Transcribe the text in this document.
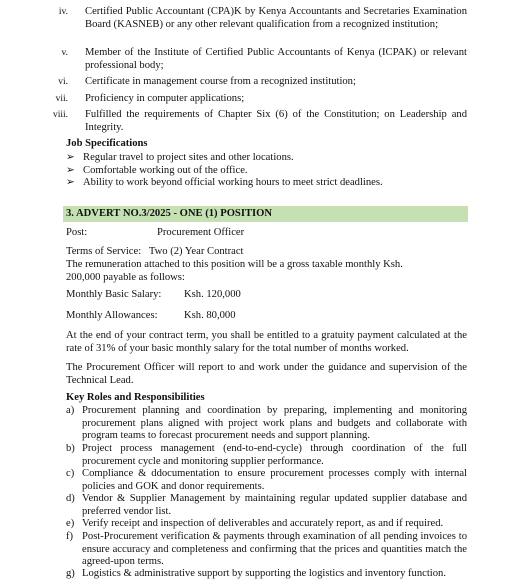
iv. Certified Public Accountant (CPA)K by Kenya Accountants and Secretaries Examination Board (KASNEB) or any other relevant qualification from a recognized institution;
v. Member of the Institute of Certified Public Accountants of Kenya (ICPAK) or relevant professional body;
vi. Certificate in management course from a recognized institution;
vii. Proficiency in computer applications;
viii. Fulfilled the requirements of Chapter Six (6) of the Constitution; on Leadership and Integrity.
Job Specifications
➢ Regular travel to project sites and other locations.
➢ Comfortable working out of the office.
➢ Ability to work beyond official working hours to meet strict deadlines.
3. ADVERT NO.3/2025 - ONE (1) POSITION
Post:	Procurement Officer
Terms of Service:   Two (2) Year Contract
The remuneration attached to this position will be a gross taxable monthly Ksh. 200,000 payable as follows:
Monthly Basic Salary: Ksh. 120,000
Monthly Allowances: Ksh. 80,000
At the end of your contract term, you shall be entitled to a gratuity payment calculated at the rate of 31% of your basic monthly salary for the total number of months worked.
The Procurement Officer will report to and work under the guidance and supervision of the Technical Lead.
Key Roles and Responsibilities
a) Procurement planning and coordination by preparing, implementing and monitoring procurement plans aligned with project work plans and budgets and collaborate with program teams to forecast procurement needs and support planning.
b) Project process management (end-to-end-cycle) through coordination of the full procurement cycle and monitoring supplier performance.
c) Compliance & ddocumentation to ensure procurement processes comply with internal policies and GOK and donor requirements.
d) Vendor & Supplier Management by maintaining regular updated supplier database and preferred vendor list.
e) Verify receipt and inspection of deliverables and accurately report, as and if required.
f) Post-Procurement verification & payments through examination of all pending invoices to ensure accuracy and completeness and confirming that the prices and quantities match the agreed-upon terms.
g) Logistics & administrative support by supporting the logistics and inventory function.
